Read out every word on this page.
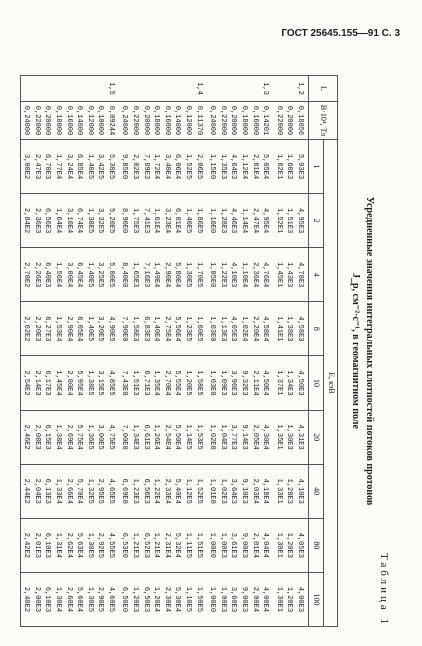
ГОСТ 25645.155—91 С. 3
Таблица 1
Усредненные значения интегральных плотностей потоков протонов
J_p, см⁻²·с⁻¹, в геомагнитном поле
L	B·10⁴, Тл	E, кэВ								
		1	2	4	8	10	20	40	80	100
1,2	0,18056	5,03E3	4,95E3	4,78E3	4,58E3	4,50E3	4,31E3	4,10E3	4,05E3	4,00E3
	0,20000	1,60E3	1,51E3	1,43E3	1,38E3	1,34E3	1,30E3	1,28E3	1,20E3	1,20E3
	0,22000	1,62E1	1,52E1	1,45E1	1,41E1	1,37E1	1,35E1	1,33E1	1,30E1	1,30E1
1,3	0,14201	5,05E4	4,95E4	4,76E4	4,58E4	4,50E4	4,30E4	4,18E4	4,04E4	4,00E4
	0,16000	2,61E4	2,47E4	2,36E4	2,20E4	2,11E4	2,05E4	2,03E4	2,01E4	2,00E4
	0,18000	1,12E4	1,14E4	1,10E4	1,02E4	9,32E3	9,14E3	9,10E3	9,00E3	9,00E3
	0,20000	4,64E3	4,46E3	4,10E3	4,05E3	3,96E3	3,77E3	3,64E3	3,61E3	3,60E3
	0,22000	1,35E3	1,28E3	1,22E3	1,13E3	1,09E3	1,04E3	1,02E3	1,00E3	1,00E3
	0,24000	1,15E0	1,10E0	1,05E0	1,03E0	1,03E0	1,02E0	1,01E0	1,00E0	1,00E0
1,4	0,11370	2,06E5	1,86E5	1,70E5	1,60E5	1,58E5	1,53E5	1,52E5	1,51E5	1,50E5
	0,12000	1,52E5	1,40E5	1,30E5	1,23E5	1,20E5	1,14E5	1,12E5	1,11E5	1,10E5
	0,14000	6,06E4	6,01E4	5,80E4	5,56E4	5,55E4	5,50E4	5,40E4	5,32E4	5,30E4
	0,16000	3,40E4	3,23E4	2,90E4	2,75E4	2,70E4	2,54E4	2,33E4	2,31E4	2,30E4
	0,18000	1,72E4	1,61E4	1,49E4	1,40E4	1,35E4	1,26E4	1,22E4	1,21E4	1,20E4
	0,20000	7,89E3	7,41E3	7,16E3	6,83E3	6,71E3	6,61E3	6,56E3	6,52E3	6,50E3
	0,22000	2,02E3	1,75E3	1,65E3	1,58E3	1,51E3	1,34E3	1,23E3	1,21E3	1,20E3
	0,24000	9,85E0	8,90E0	8,40E0	7,90E0	7,43E0	7,00E0	6,69E0	6,53E0	6,50E0
1,5	0,09244	5,30E5	5,20E5	5,00E5	4,90E5	4,85E5	4,75E5	4,65E5	4,55E5	4,60E5
	0,10000	3,42E5	3,32E5	3,25E5	3,20E5	3,15E5	3,00E5	2,95E5	2,92E5	2,90E5
	0,12000	1,40E5	1,38E5	1,40E5	1,40E5	1,38E5	1,36E5	1,32E5	1,30E5	1,30E5
	0,14000	6,85E4	6,74E4	6,45E4	6,05E4	5,95E4	5,75E4	5,70E4	5,63E4	5,60E4
	0,16000	3,24E4	3,10E4	3,00E4	2,90E4	2,80E4	2,69E4	2,66E4	2,62E4	2,60E4
	0,18000	1,77E4	1,64E4	1,56E4	1,53E4	1,45E4	1,38E4	1,33E4	1,31E4	1,30E4
	0,20000	6,70E3	6,56E3	6,40E3	6,27E3	6,17E3	6,15E3	6,13E3	6,10E3	6,10E3
	0,22000	2,47E3	2,36E3	2,26E3	2,20E3	2,14E3	2,08E3	2,04E3	2,01E3	2,00E3
	0,24000	3,00E2	2,84E2	2,70E2	2,62E2	2,54E2	2,46E2	2,44E2	2,42E2	2,40E2
